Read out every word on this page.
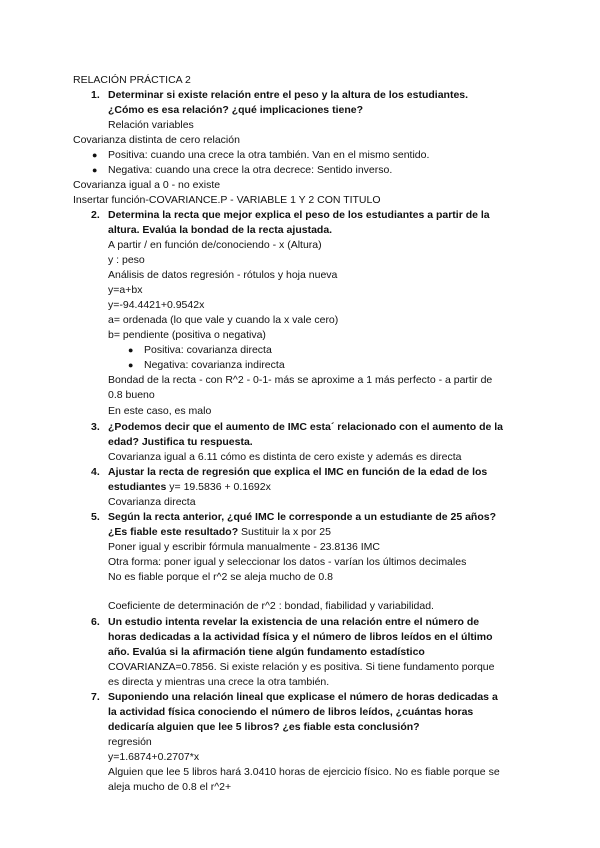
RELACIÓN PRÁCTICA 2
1. Determinar si existe relación entre el peso y la altura de los estudiantes.
¿Cómo es esa relación? ¿qué implicaciones tiene?
Relación variables
Covarianza distinta de cero relación
● Positiva: cuando una crece la otra también. Van en el mismo sentido.
● Negativa: cuando una crece la otra decrece: Sentido inverso.
Covarianza igual a 0 - no existe
Insertar función-COVARIANCE.P - VARIABLE 1 Y 2 CON TITULO
2. Determina la recta que mejor explica el peso de los estudiantes a partir de la
altura. Evalúa la bondad de la recta ajustada.
A partir / en función de/conociendo - x (Altura)
y : peso
Análisis de datos regresión - rótulos y hoja nueva
y=a+bx
y=-94.4421+0.9542x
a= ordenada (lo que vale y cuando la x vale cero)
b= pendiente (positiva o negativa)
● Positiva: covarianza directa
● Negativa: covarianza indirecta
Bondad de la recta - con R^2 - 0-1- más se aproxime a 1 más perfecto - a partir de
0.8 bueno
En este caso, es malo
3. ¿Podemos decir que el aumento de IMC esta´ relacionado con el aumento de la
edad? Justifica tu respuesta.
Covarianza igual a 6.11 cómo es distinta de cero existe y además es directa
4. Ajustar la recta de regresión que explica el IMC en función de la edad de los
estudiantes y= 19.5836 + 0.1692x
Covarianza directa
5. Según la recta anterior, ¿qué IMC le corresponde a un estudiante de 25 años?
¿Es fiable este resultado? Sustituir la x por 25
Poner igual y escribir fórmula manualmente - 23.8136 IMC
Otra forma: poner igual y seleccionar los datos - varían los últimos decimales
No es fiable porque el r^2 se aleja mucho de 0.8
Coeficiente de determinación de r^2 : bondad, fiabilidad y variabilidad.
6. Un estudio intenta revelar la existencia de una relación entre el número de
horas dedicadas a la actividad física y el número de libros leídos en el último
año. Evalúa si la afirmación tiene algún fundamento estadístico
COVARIANZA=0.7856. Si existe relación y es positiva. Si tiene fundamento porque
es directa y mientras una crece la otra también.
7. Suponiendo una relación lineal que explicase el número de horas dedicadas a
la actividad física conociendo el número de libros leídos, ¿cuántas horas
dedicaría alguien que lee 5 libros? ¿es fiable esta conclusión?
regresión
y=1.6874+0.2707*x
Alguien que lee 5 libros hará 3.0410 horas de ejercicio físico. No es fiable porque se
aleja mucho de 0.8 el r^2+
